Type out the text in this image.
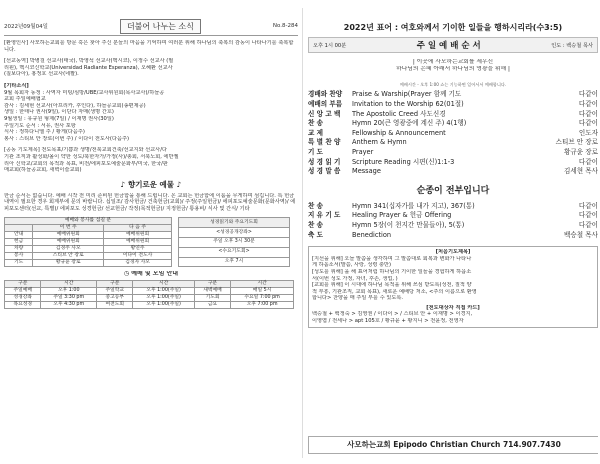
2022년09월04일	더불어 나누는 소식	No.8-284

[환영인사] 사모하는교회를 방문 혹은 찾아 주신 분들의 마음을 기억하며 여러분 위해 하나님의 축복의 감동이 나타나기를 축복합니다.

[선교동역] 박병걸 선교사(태국), 박영석 선교사(멕시코), 이정수 선교사 (필

리핀), 멕시코신학교(Universidad Radiante Esperanza), 오혜환 선교사

(칠보다아), 홍정호 선교사(네팔).

[기타소식]

9월 목회자 동정 : 사역자 미팅/심방/UBE/교사위원회(목사교사)/하늘공

교회 주일예배협교

감사 : 김세현 선교사(아프리카, 후인다), 하늘공교회(송편제공)

생일 : 한태나 권사(9일), 이단다 자매(생명 간호)

9월생일 : 유규원 형제(7일) / 이재명 권사(30일)

주일기도 순서 : 서유, 권사 포항

식사 : 정하다니엘 주 / 황게(다음주)

봉사 : 스티브 안 장로(이번 주) / 이다이 전도사(다음주)

[공동 기도제목] 전도목표/기쁨과 생명/전북교회건축/선교지와 선교사/다

기관 조직과 활성화/올이 약한 성도/북한자가/가정(사)/총회, 서북노회, 에반젤

리아 신학교/교회의 목적과 목표, 비전/에피포도예술문화부/미국, 한국/판

매교회(하늘공교회, 새벽이슬교회)

♪ 향기로운 예물 ♪

한금 순서는 없습니다. 예배 시작 전 미리 준비된 헌금함을 통해 드립니다. 온 교회는 헌금함에 이룸을 무게하며 섬깁니다. 특 헌금 내역이 필요한 경우 회계부에 문의 바랍니다. 십일조/ 감사헌금/ 건축헌금(교회)/ 주정(주일헌금)/ 에피포도예술문화(문화사역)/ 에피포도센터(선교, 특별)/ 에피포도 성경헌금/ 선교헌금/ 작정(목적헌금)/ 지정헌금/ 통용비/ 식사 및 간식/ 기타

예배와 봉사를 섬길 분		
	이 번 주	다 음 주
안내	예배위원회	예배위원회
헌금	예배위원회	예배위원회
차량	김경주 사모	황연주
봉사	스티브 안 장로	이다이 전도사
기도	황규윤 장로	김경자 사모
성경읽기와 주요기도회
<성경공개강좌>
주일 오후 3시 30분
<수요기도회>
오후 7시
◷ 예배 및 모임 안내
구분	시간	구분	시간	구분	시간
주일예배	오후 1:00	주일학교	오후 1:00(주일)	새벽예배	매일 5시
성경강좌	주일 3:30 pm	중고등부	오후 1:00(주일)	기도회	수요일 7:00 pm
목요성경	오후 4:30 pm	여전도회	오후 1:00(주일)	금요	오후 7:00 pm
2022년 표어 : 여호와께서 기이한 일들을 행하시리라(수3:5)
오후 1시 00분	주 일 예 배 순 서	인도 : 백승철 목사

| 이곳에 사모하는교회를 세우신

하나님의 은혜 아래서 하나님의 영광을 위해 |

예배시간 - 오후 1:00 쇼는 기능하면 일어서서 예배합니다.

경배와 찬양	Praise & Warship(Prayer 함께 기도	다같이
예배의 부름	Invitation to the Worship 62(01절)	다같이
신 앙 고 백	The Apostolic Creed 사도신경	다같이
찬 송	Hymn 20(큰 영광중에 계신 주) 4(1행)	다같이
교 제	Fellowship & Announcement	인도자
특 별 찬 양	Anthem & Hymn	스티브 안 장로
기 도	Prayer	황규윤 장로
성 경 읽 기	Scripture Reading 시편(신)1:1-3	다같이
성 경 말 씀	Message	김세현 목사
순종이 전부입니다
찬 송	Hymn 341(십자가를 내가 지고), 367(통)	다같이
지 유 기 도	Healing Prayer & 헌금 Offering	다같이
찬 송	Hymn 5장(이 천지간 만물들아), 5(통)	다같이
축 도	Benediction	백승철 목사

[처음기도제목]

[지선을 위해] 오늘 말씀을 생각하며 그 말씀대로 회복과 변화가 나타나

게 하옵소서(말씀, 사랑, 성령 충만)

[성도를 위해] 을 해 표어처럼 하나님의 기이한 일들을 경험하게 하옵소

서(이번 성도 가정, 자녀, 후손, 생업, )

[교회를 위해] 이 시대에 하나님 목적을 위해 쓰심 받도록(성전, 질적 양

적 부흥, 기관조직, 교회 목표), 새로운 예배당 처소, <주의 이름으로 환영

합니다> 찬양을 매 주일 부를 수 있도록.

[전도대상자 직접 카드]

백승철 + 백정숙 > 김영권 / 이다이 > / 스티브 안 + 이재명 > 이경지,

이영엽 / 전세나 > apt 105호 / 황규윤 + 황지니 > 전윤정, 전영자

사모하는교회 Epipodo Christian Church 714.907.7430
